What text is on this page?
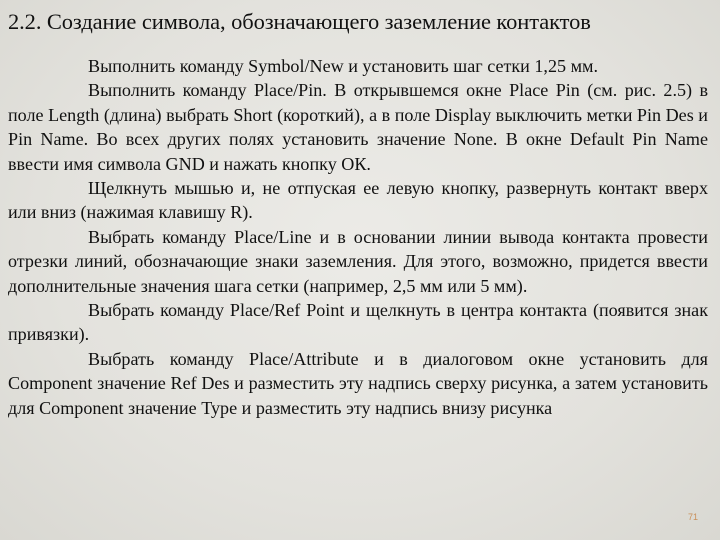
2.2. Создание символа, обозначающего заземление контактов

Выполнить команду Symbol/New и установить шаг сетки 1,25 мм.

Выполнить команду Place/Pin. В открывшемся окне Place Pin (см. рис. 2.5) в поле Length (длина) выбрать Short (короткий), а в поле Display выключить метки Pin Des и Pin Name. Во всех других полях установить значение None. В окне Default Pin Name ввести имя символа GND и нажать кнопку ОК.

Щелкнуть мышью и, не отпуская ее левую кнопку, развернуть контакт вверх или вниз (нажимая клавишу R).

Выбрать команду Place/Line и в основании линии вывода контакта провести отрезки линий, обозначающие знаки заземления. Для этого, возможно, придется ввести дополнительные значения шага сетки (например, 2,5 мм или 5 мм).

Выбрать команду Place/Ref Point и щелкнуть в центра контакта (появится знак привязки).

Выбрать команду Place/Attribute и в диалоговом окне установить для Component значение Ref Des и разместить эту надпись сверху рисунка, а затем установить для Component значение Type и разместить эту надпись внизу рисунка

71
